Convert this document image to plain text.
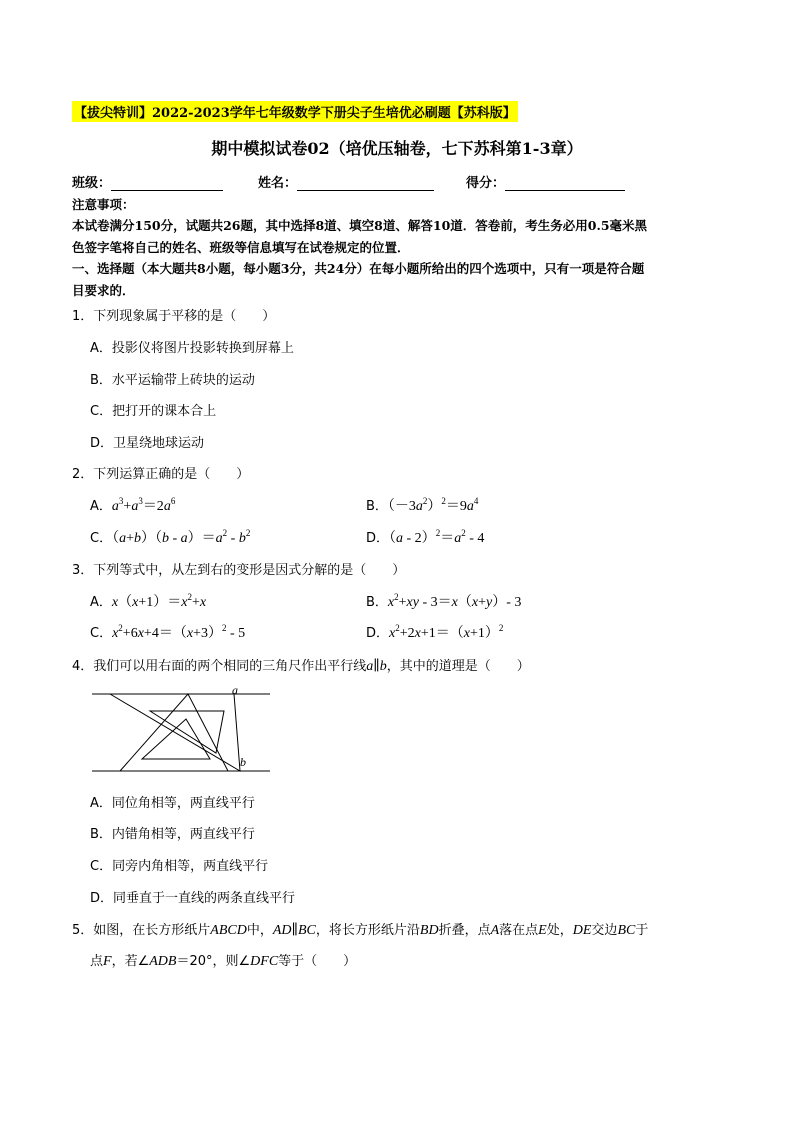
【拔尖特训】2022-2023学年七年级数学下册尖子生培优必刷题【苏科版】
期中模拟试卷02（培优压轴卷，七下苏科第1-3章）
班级：	姓名：	得分：
注意事项：
本试卷满分150分，试题共26题，其中选择8道、填空8道、解答10道．答卷前，考生务必用0.5毫米黑
色签字笔将自己的姓名、班级等信息填写在试卷规定的位置．
一、选择题（本大题共8小题，每小题3分，共24分）在每小题所给出的四个选项中，只有一项是符合题
目要求的．
1．下列现象属于平移的是（　　）
A．投影仪将图片投影转换到屏幕上
B．水平运输带上砖块的运动
C．把打开的课本合上
D．卫星绕地球运动
2．下列运算正确的是（　　）
A．$a^3+a^3=2a^6$	B．$(-3a^2)^2=9a^4$
C．$(a+b)(b - a)=a^2 - b^2$	D．$(a - 2)^2=a^2 - 4$
3．下列等式中，从左到右的变形是因式分解的是（　　）
A．$x(x+1)=x^2+x$	B．$x^2+xy - 3=x(x+y)-$ 3
C．$x^2+6x+4=(x+3)^2 - 5$	D．$x^2+2x+1=(x+1)^2$
4．我们可以用右面的两个相同的三角尺作出平行线a∥b，其中的道理是（　　）
a
b
A．同位角相等，两直线平行
B．内错角相等，两直线平行
C．同旁内角相等，两直线平行
D．同垂直于一直线的两条直线平行
5．如图，在长方形纸片ABCD中，AD∥BC，将长方形纸片沿BD折叠，点A落在点E处，DE交边BC于
点F，若∠ADB＝20°，则∠DFC等于（　　）
